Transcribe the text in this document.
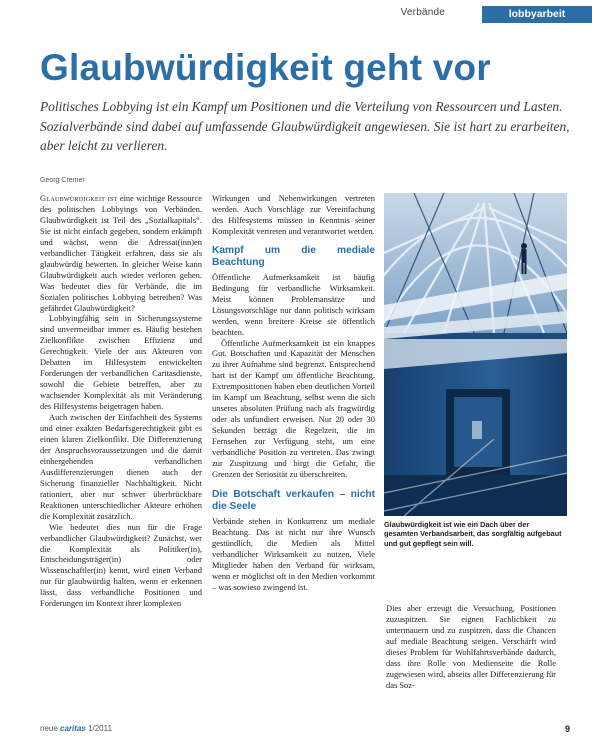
Verbände	lobbyarbeit
Glaubwürdigkeit geht vor

Politisches Lobbying ist ein Kampf um Positionen und die Verteilung von Ressourcen und Lasten. Sozialverbände sind dabei auf umfassende Glaubwürdigkeit angewiesen. Sie ist hart zu erarbeiten, aber leicht zu verlieren.

Georg Cremer

Glaubwürdigkeit ist eine wichtige Ressource des politischen Lobbyings von Verbänden. Glaubwürdigkeit ist Teil des „Sozialkapitals“. Sie ist nicht einfach gegeben, sondern erkämpft und wächst, wenn die Adressat(inn)en verbandlicher Tätigkeit erfahren, dass sie als glaubwürdig bewerten. In gleicher Weise kann Glaubwürdigkeit auch wieder verloren gehen. Was bedeutet dies für Verbände, die im Sozialen politisches Lobbying betreiben? Was gefährdet Glaubwürdigkeit?

Lobbyingfähig sein in Sicherungssysteme sind unvermeidbar immer es. Häufig bestehen Zielkonflikte zwischen Effizienz und Gerechtigkeit. Viele der aus Akteuren von Debatten im Hilfesystem entwickelten Forderungen der verbandlichen Caritasdienste, sowohl die Gebiete betreffen, aber zu wachsender Komplexität als mit Veränderung des Hilfesystems beigetragen haben.

Auch zwischen der Einfachheit des Systems und einer exakten Bedarfsgerechtigkeit gibt es einen klaren Zielkonflikt. Die Differenzierung der Anspruchsvoraussetzungen und die damit einhergehenden verbandlichen Ausdifferenzierungen dienen auch der Sicherung finanzieller Nachhaltigkeit. Nicht rationiert, aber nur schwer überbrückbare Reaktionen unterschiedlicher Akteure erhöhen die Komplexität zusätzlich.

Wie bedeutet dies nun für die Frage verbandlicher Glaubwürdigkeit? Zunächst, wer die Komplexität als Politiker(in), Entscheidungsträger(in) oder Wissenschaftler(in) kennt, wird einen Verband nur für glaubwürdig halten, wenn er erkennen lässt, dass verbandliche Positionen und Forderungen im Kontext ihrer komplexen

Wirkungen und Nebenwirkungen vertreten werden. Auch Vorschläge zur Vereinfachung des Hilfesystems müssen in Kenntnis seiner Komplexität vertreten und verantwortet werden.

Kampf um die mediale Beachtung

Öffentliche Aufmerksamkeit ist häufig Bedingung für verbandliche Wirksamkeit. Meist können Problemansätze und Lösungsvorschläge nur dann politisch wirksam werden, wenn breitere Kreise sie öffentlich beachten.

Öffentliche Aufmerksamkeit ist ein knappes Gut. Botschaften und Kapazität der Menschen zu ihrer Aufnahme sind begrenzt. Entsprechend hart ist der Kampf um öffentliche Beachtung. Extrempositionen haben eben deutlichen Vorteil im Kampf um Beachtung, selbst wenn die sich unseres absoluten Prüfung nach als fragwürdig oder als unfundiert erweisen. Nur 20 oder 30 Sekunden beträgt die Regelzeit, die im Fernsehen zur Verfügung steht, um eine verbandliche Position zu vertreten. Das zwingt zur Zuspitzung und birgt die Gefahr, die Grenzen der Seriosität zu überschreiten.

Die Botschaft verkaufen – nicht die Seele

Verbände stehen in Konkurrenz um mediale Beachtung. Das ist nicht nur ihre Wunsch gestündlich, die Medien als Mittel verbandlicher Wirksamkeit zu nutzen. Viele Mitglieder haben den Verband für wirksam, wenn er möglichst oft in den Medien vorkommt – was sowieso zwingend ist.

Dies aber erzeugt die Versuchung, Positionen zuzuspitzen. Sie eignen Fachlichkeit zu untermauern und zu zuspitzen, dass die Chancen auf mediale Beachtung steigen. Verschärft wird dieses Problem für Wohlfahrtsverbände dadurch, dass ihre Rolle von Medienseite die Rolle zugewiesen wird, abseits aller Differenzierung für das Soz-

Glaubwürdigkeit ist wie ein Dach über der gesamten Verbandsarbeit, das sorgfältig aufgebaut und gut gepflegt sein will.

neue caritas 1/2011	9
